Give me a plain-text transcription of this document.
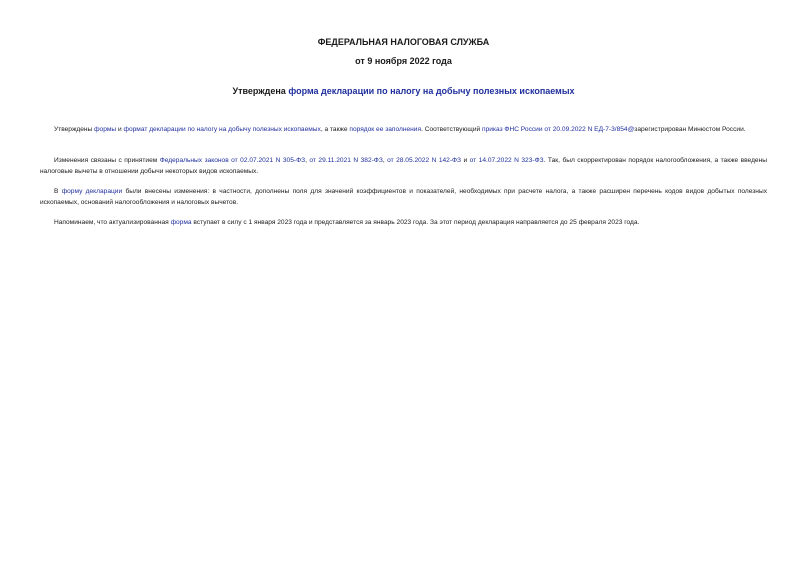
ФЕДЕРАЛЬНАЯ НАЛОГОВАЯ СЛУЖБА
от 9 ноября 2022 года
Утверждена форма декларации по налогу на добычу полезных ископаемых

Утверждены формы и формат декларации по налогу на добычу полезных ископаемых, а также порядок ее заполнения. Соответствующий приказ ФНС России от 20.09.2022 N ЕД-7-3/854@зарегистрирован Минюстом России.

Изменения связаны с принятием Федеральных законов от 02.07.2021 N 305-ФЗ, от 29.11.2021 N 382-ФЗ, от 28.05.2022 N 142-ФЗ и от 14.07.2022 N 323-ФЗ. Так, был скорректирован порядок налогообложения, а также введены налоговые вычеты в отношении добычи некоторых видов ископаемых.

В форму декларации были внесены изменения: в частности, дополнены поля для значений коэффициентов и показателей, необходимых при расчете налога, а также расширен перечень кодов видов добытых полезных ископаемых, оснований налогообложения и налоговых вычетов.

Напоминаем, что актуализированная форма вступает в силу с 1 января 2023 года и представляется за январь 2023 года. За этот период декларация направляется до 25 февраля 2023 года.
